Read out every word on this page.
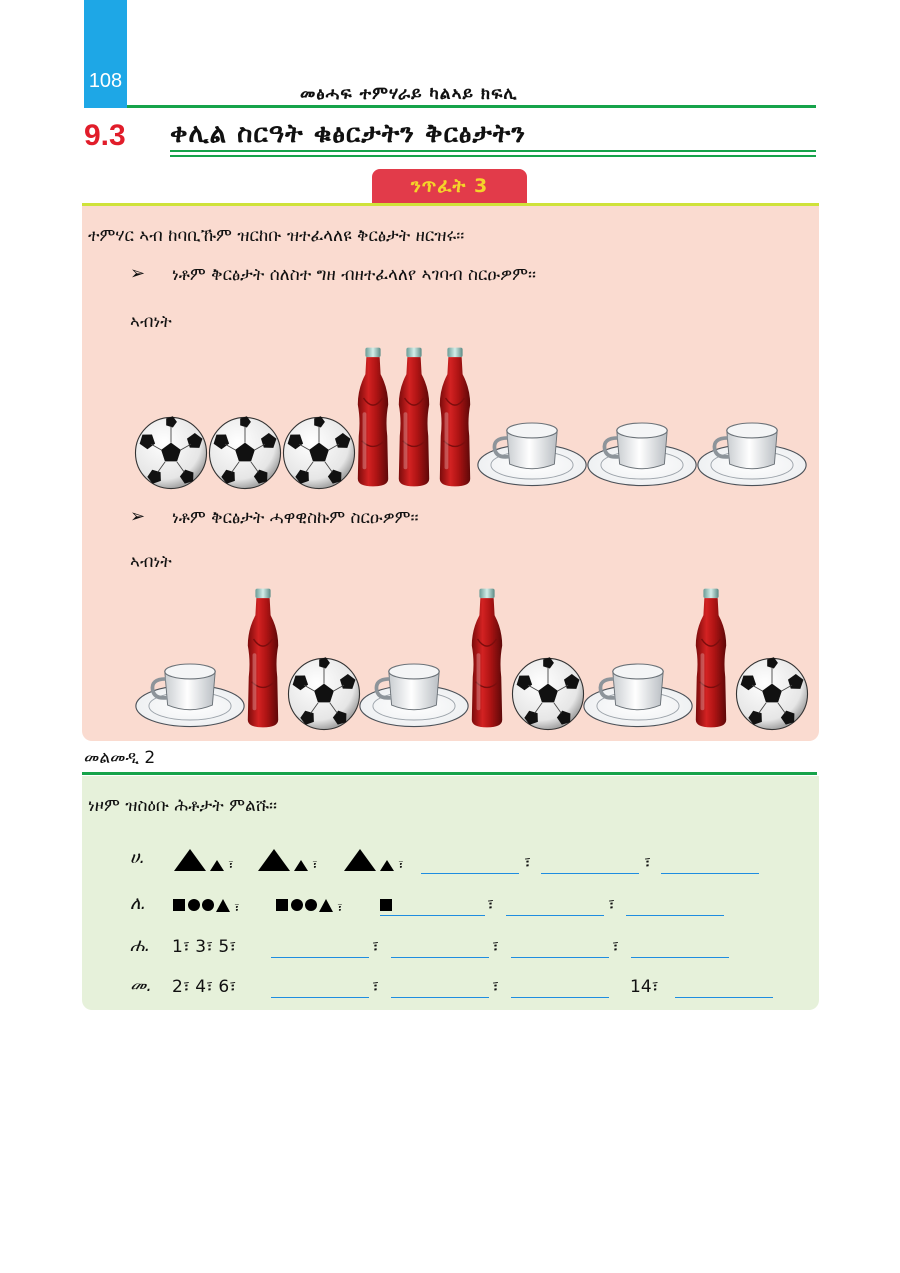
108
መፅሓፍ ተምሃራይ ካልኣይ ክፍሊ
9.3 ቀሊል ስርዓት ቁፅርታትን ቅርፅታትን
ንጥፈት 3
ተምሃር ኣብ ከባቢኹም ዝርከቡ ዝተፈላለዩ ቅርፅታት ዘርዝሩ፡፡
➢ ነቶም ቅርፅታት ሰለስተ ግዘ ብዘተፈላለየ ኣገባብ ስርዑዎም፡፡
ኣብነት
➢ ነቶም ቅርፅታት ሓዋዊስኩም ስርዑዎም፡፡
ኣብነት
መልመዲ 2
ነዞም ዝስዕቡ ሕቶታት ምልሹ፡፡
ሀ.	፣	፣	፣	፣	፣
ለ.	፣	፣	፣	፣
ሐ. 1፣ 3፣ 5፣	፣	፣	፣
መ. 2፣ 4፣ 6፣	፣	፣	14፣
